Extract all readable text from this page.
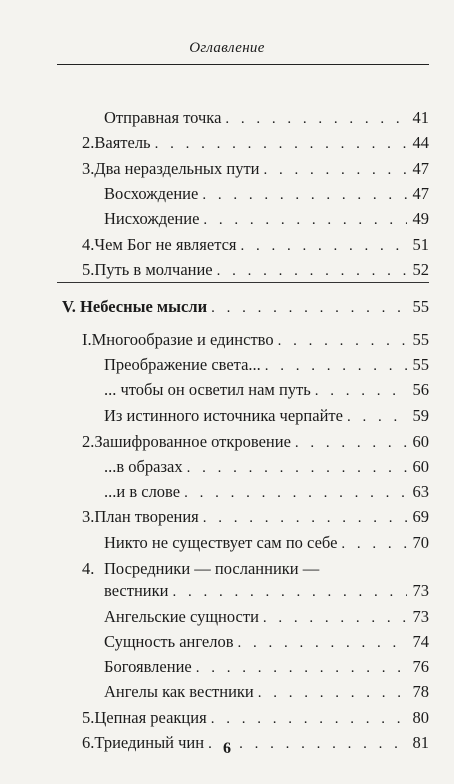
Оглавление
Отправная точка . . .	41
2. Ваятель . . .	44
3. Два нераздельных пути . . .	47
Восхождение . . .	47
Нисхождение . . .	49
4. Чем Бог не является . . .	51
5. Путь в молчание . . .	52
V. Небесные мысли . . .	55
I. Многообразие и единство . . .	55
Преображение света... . . .	55
... чтобы он осветил нам путь . . .	56
Из истинного источника черпайте . . .	59
2. Зашифрованное откровение . . .	60
...в образах . . .	60
...и в слове . . .	63
3. План творения . . .	69
Никто не существует сам по себе . . .	70
4. Посредники — посланники —
вестники . . .	73
Ангельские сущности . . .	73
Сущность ангелов . . .	74
Богоявление . . .	76
Ангелы как вестники . . .	78
5. Цепная реакция . . .	80
6. Триединый чин . . .	81
6
